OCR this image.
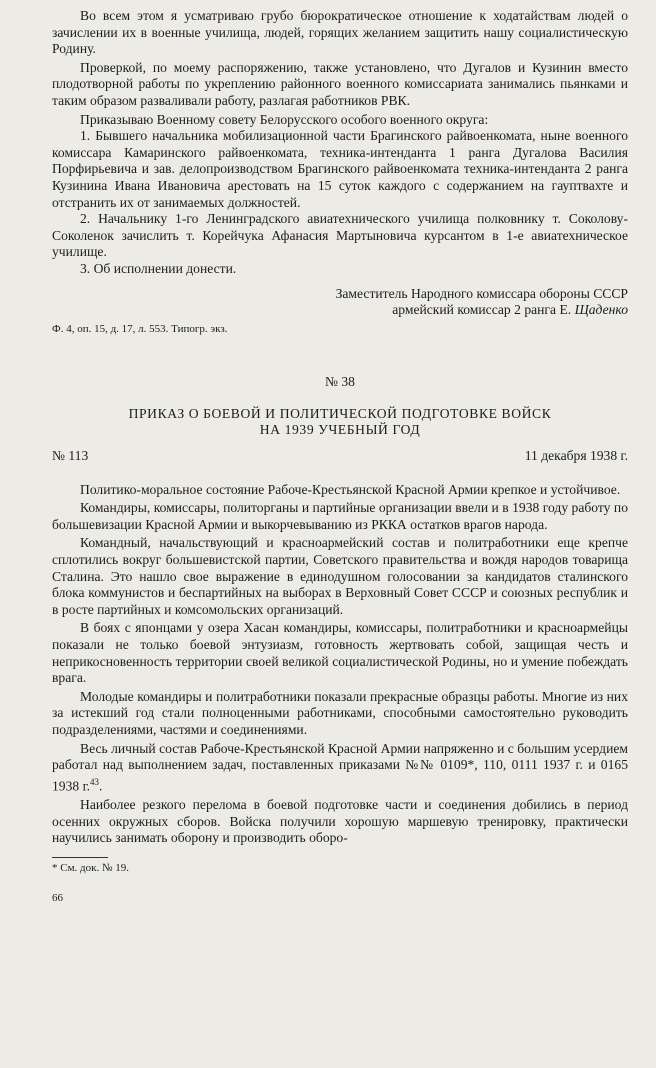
Во всем этом я усматриваю грубо бюрократическое отношение к ходатайствам людей о зачислении их в военные училища, людей, горящих желанием защитить нашу социалистическую Родину.

Проверкой, по моему распоряжению, также установлено, что Дугалов и Кузинин вместо плодотворной работы по укреплению районного военного комиссариата занимались пьянками и таким образом разваливали работу, разлагая работников РВК.

Приказываю Военному совету Белорусского особого военного округа:

1. Бывшего начальника мобилизационной части Брагинского райвоенкомата, ныне военного комиссара Камаринского райвоенкомата, техника-интенданта 1 ранга Дугалова Василия Порфирьевича и зав. делопроизводством Брагинского райвоенкомата техника-интенданта 2 ранга Кузинина Ивана Ивановича арестовать на 15 суток каждого с содержанием на гауптвахте и отстранить их от занимаемых должностей.

2. Начальнику 1-го Ленинградского авиатехнического училища полковнику т. Соколову-Соколенок зачислить т. Корейчука Афанасия Мартыновича курсантом в 1-е авиатехническое училище.

3. Об исполнении донести.

Заместитель Народного комиссара обороны СССР
армейский комиссар 2 ранга Е. Щаденко
Ф. 4, оп. 15, д. 17, л. 553. Типогр. экз.
№ 38
ПРИКАЗ О БОЕВОЙ И ПОЛИТИЧЕСКОЙ ПОДГОТОВКЕ ВОЙСК
НА 1939 УЧЕБНЫЙ ГОД
№ 113	11 декабря 1938 г.

Политико-моральное состояние Рабоче-Крестьянской Красной Армии крепкое и устойчивое.

Командиры, комиссары, политорганы и партийные организации ввели и в 1938 году работу по большевизации Красной Армии и выкорчевыванию из РККА остатков врагов народа.

Командный, начальствующий и красноармейский состав и политработники еще крепче сплотились вокруг большевистской партии, Советского правительства и вождя народов товарища Сталина. Это нашло свое выражение в единодушном голосовании за кандидатов сталинского блока коммунистов и беспартийных на выборах в Верховный Совет СССР и союзных республик и в росте партийных и комсомольских организаций.

В боях с японцами у озера Хасан командиры, комиссары, политработники и красноармейцы показали не только боевой энтузиазм, готовность жертвовать собой, защищая честь и неприкосновенность территории своей великой социалистической Родины, но и умение побеждать врага.

Молодые командиры и политработники показали прекрасные образцы работы. Многие из них за истекший год стали полноценными работниками, способными самостоятельно руководить подразделениями, частями и соединениями.

Весь личный состав Рабоче-Крестьянской Красной Армии напряженно и с большим усердием работал над выполнением задач, поставленных приказами №№ 0109*, 110, 0111 1937 г. и 0165 1938 г.$^{43}$.

Наиболее резкого перелома в боевой подготовке части и соединения добились в период осенних окружных сборов. Войска получили хорошую маршевую тренировку, практически научились занимать оборону и производить оборо-

* См. док. № 19.
66
